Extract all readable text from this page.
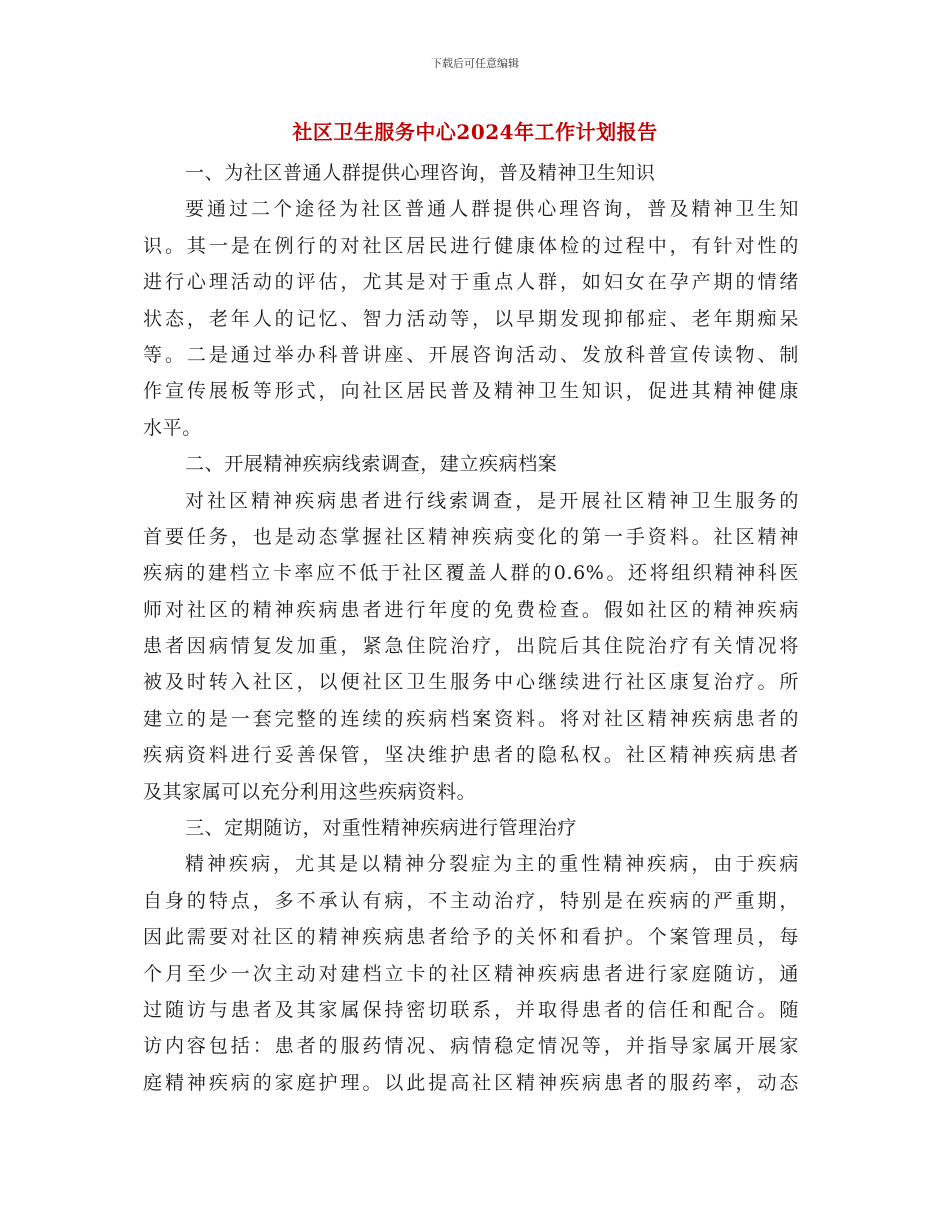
下载后可任意编辑
社区卫生服务中心2024年工作计划报告
一、为社区普通人群提供心理咨询，普及精神卫生知识
要通过二个途径为社区普通人群提供心理咨询，普及精神卫生知
识。其一是在例行的对社区居民进行健康体检的过程中，有针对性的
进行心理活动的评估，尤其是对于重点人群，如妇女在孕产期的情绪
状态，老年人的记忆、智力活动等，以早期发现抑郁症、老年期痴呆
等。二是通过举办科普讲座、开展咨询活动、发放科普宣传读物、制
作宣传展板等形式，向社区居民普及精神卫生知识，促进其精神健康
水平。
二、开展精神疾病线索调查，建立疾病档案
对社区精神疾病患者进行线索调查，是开展社区精神卫生服务的
首要任务，也是动态掌握社区精神疾病变化的第一手资料。社区精神
疾病的建档立卡率应不低于社区覆盖人群的0.6%。还将组织精神科医
师对社区的精神疾病患者进行年度的免费检查。假如社区的精神疾病
患者因病情复发加重，紧急住院治疗，出院后其住院治疗有关情况将
被及时转入社区，以便社区卫生服务中心继续进行社区康复治疗。所
建立的是一套完整的连续的疾病档案资料。将对社区精神疾病患者的
疾病资料进行妥善保管，坚决维护患者的隐私权。社区精神疾病患者
及其家属可以充分利用这些疾病资料。
三、定期随访，对重性精神疾病进行管理治疗
精神疾病，尤其是以精神分裂症为主的重性精神疾病，由于疾病
自身的特点，多不承认有病，不主动治疗，特别是在疾病的严重期，
因此需要对社区的精神疾病患者给予的关怀和看护。个案管理员，每
个月至少一次主动对建档立卡的社区精神疾病患者进行家庭随访，通
过随访与患者及其家属保持密切联系，并取得患者的信任和配合。随
访内容包括：患者的服药情况、病情稳定情况等，并指导家属开展家
庭精神疾病的家庭护理。以此提高社区精神疾病患者的服药率，动态
